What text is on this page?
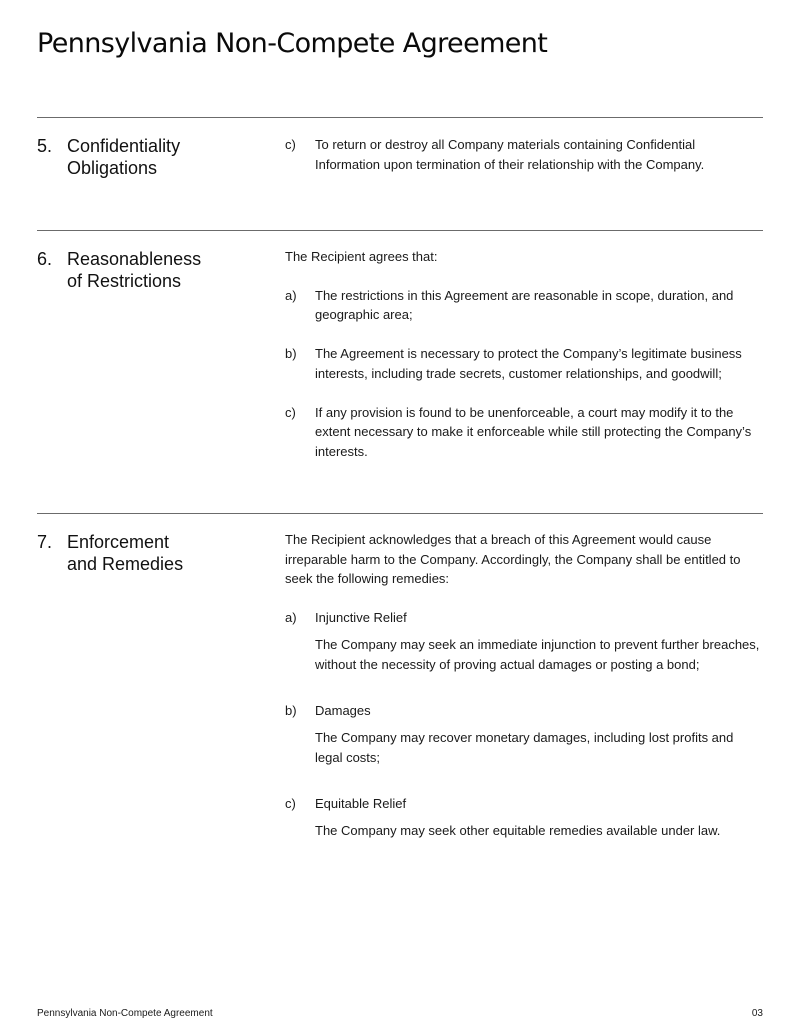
Pennsylvania Non-Compete Agreement
5. Confidentiality
Obligations
c)	To return or destroy all Company materials containing Confidential Information upon termination of their relationship with the Company.
6. Reasonableness
of Restrictions
The Recipient agrees that:
a)	The restrictions in this Agreement are reasonable in scope, duration, and geographic area;
b)	The Agreement is necessary to protect the Company’s legitimate business interests, including trade secrets, customer relationships, and goodwill;
c)	If any provision is found to be unenforceable, a court may modify it to the extent necessary to make it enforceable while still protecting the Company’s interests.
7. Enforcement
and Remedies
The Recipient acknowledges that a breach of this Agreement would cause irreparable harm to the Company. Accordingly, the Company shall be entitled to seek the following remedies:
a)	Injunctive Relief
The Company may seek an immediate injunction to prevent further breaches, without the necessity of proving actual damages or posting a bond;
b)	Damages
The Company may recover monetary damages, including lost profits and legal costs;
c)	Equitable Relief
The Company may seek other equitable remedies available under law.
Pennsylvania Non-Compete Agreement	03
